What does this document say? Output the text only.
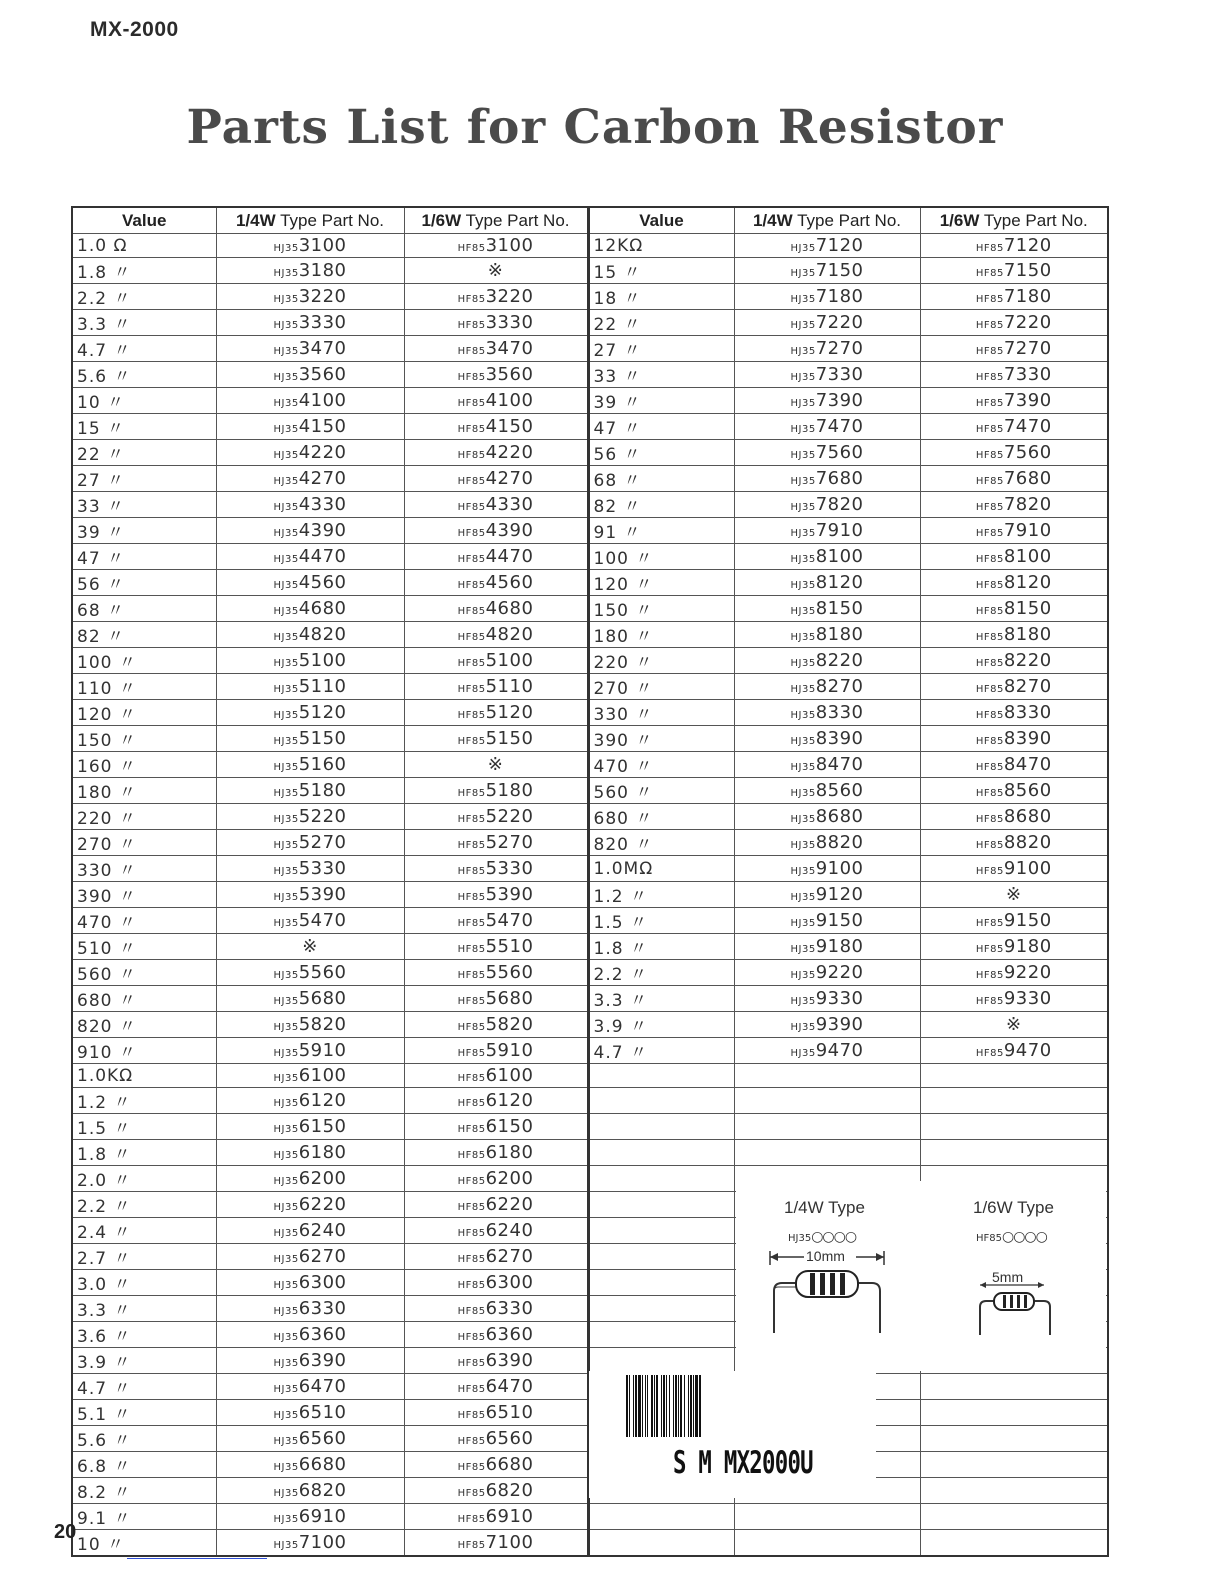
MX-2000
Parts List for Carbon Resistor
Value	1/4W Type Part No.	1/6W Type Part No.	Value	1/4W Type Part No.	1/6W Type Part No.
1.0 Ω	HJ353100	HF853100	12KΩ	HJ357120	HF857120
1.8 〃	HJ353180	※	15 〃	HJ357150	HF857150
2.2 〃	HJ353220	HF853220	18 〃	HJ357180	HF857180
3.3 〃	HJ353330	HF853330	22 〃	HJ357220	HF857220
4.7 〃	HJ353470	HF853470	27 〃	HJ357270	HF857270
5.6 〃	HJ353560	HF853560	33 〃	HJ357330	HF857330
10 〃	HJ354100	HF854100	39 〃	HJ357390	HF857390
15 〃	HJ354150	HF854150	47 〃	HJ357470	HF857470
22 〃	HJ354220	HF854220	56 〃	HJ357560	HF857560
27 〃	HJ354270	HF854270	68 〃	HJ357680	HF857680
33 〃	HJ354330	HF854330	82 〃	HJ357820	HF857820
39 〃	HJ354390	HF854390	91 〃	HJ357910	HF857910
47 〃	HJ354470	HF854470	100 〃	HJ358100	HF858100
56 〃	HJ354560	HF854560	120 〃	HJ358120	HF858120
68 〃	HJ354680	HF854680	150 〃	HJ358150	HF858150
82 〃	HJ354820	HF854820	180 〃	HJ358180	HF858180
100 〃	HJ355100	HF855100	220 〃	HJ358220	HF858220
110 〃	HJ355110	HF855110	270 〃	HJ358270	HF858270
120 〃	HJ355120	HF855120	330 〃	HJ358330	HF858330
150 〃	HJ355150	HF855150	390 〃	HJ358390	HF858390
160 〃	HJ355160	※	470 〃	HJ358470	HF858470
180 〃	HJ355180	HF855180	560 〃	HJ358560	HF858560
220 〃	HJ355220	HF855220	680 〃	HJ358680	HF858680
270 〃	HJ355270	HF855270	820 〃	HJ358820	HF858820
330 〃	HJ355330	HF855330	1.0MΩ	HJ359100	HF859100
390 〃	HJ355390	HF855390	1.2 〃	HJ359120	※
470 〃	HJ355470	HF855470	1.5 〃	HJ359150	HF859150
510 〃	※	HF855510	1.8 〃	HJ359180	HF859180
560 〃	HJ355560	HF855560	2.2 〃	HJ359220	HF859220
680 〃	HJ355680	HF855680	3.3 〃	HJ359330	HF859330
820 〃	HJ355820	HF855820	3.9 〃	HJ359390	※
910 〃	HJ355910	HF855910	4.7 〃	HJ359470	HF859470
1.0KΩ	HJ356100	HF856100			
1.2 〃	HJ356120	HF856120			
1.5 〃	HJ356150	HF856150			
1.8 〃	HJ356180	HF856180			
2.0 〃	HJ356200	HF856200			
2.2 〃	HJ356220	HF856220			
2.4 〃	HJ356240	HF856240			
2.7 〃	HJ356270	HF856270			
3.0 〃	HJ356300	HF856300			
3.3 〃	HJ356330	HF856330			
3.6 〃	HJ356360	HF856360			
3.9 〃	HJ356390	HF856390			
4.7 〃	HJ356470	HF856470			
5.1 〃	HJ356510	HF856510			
5.6 〃	HJ356560	HF856560			
6.8 〃	HJ356680	HF856680			
8.2 〃	HJ356820	HF856820			
9.1 〃	HJ356910	HF856910			
10 〃	HJ357100	HF857100			
1/4W Type	1/6W Type
HJ35○○○○	HF85○○○○
10mm
5mm
S M MX2000U
20
